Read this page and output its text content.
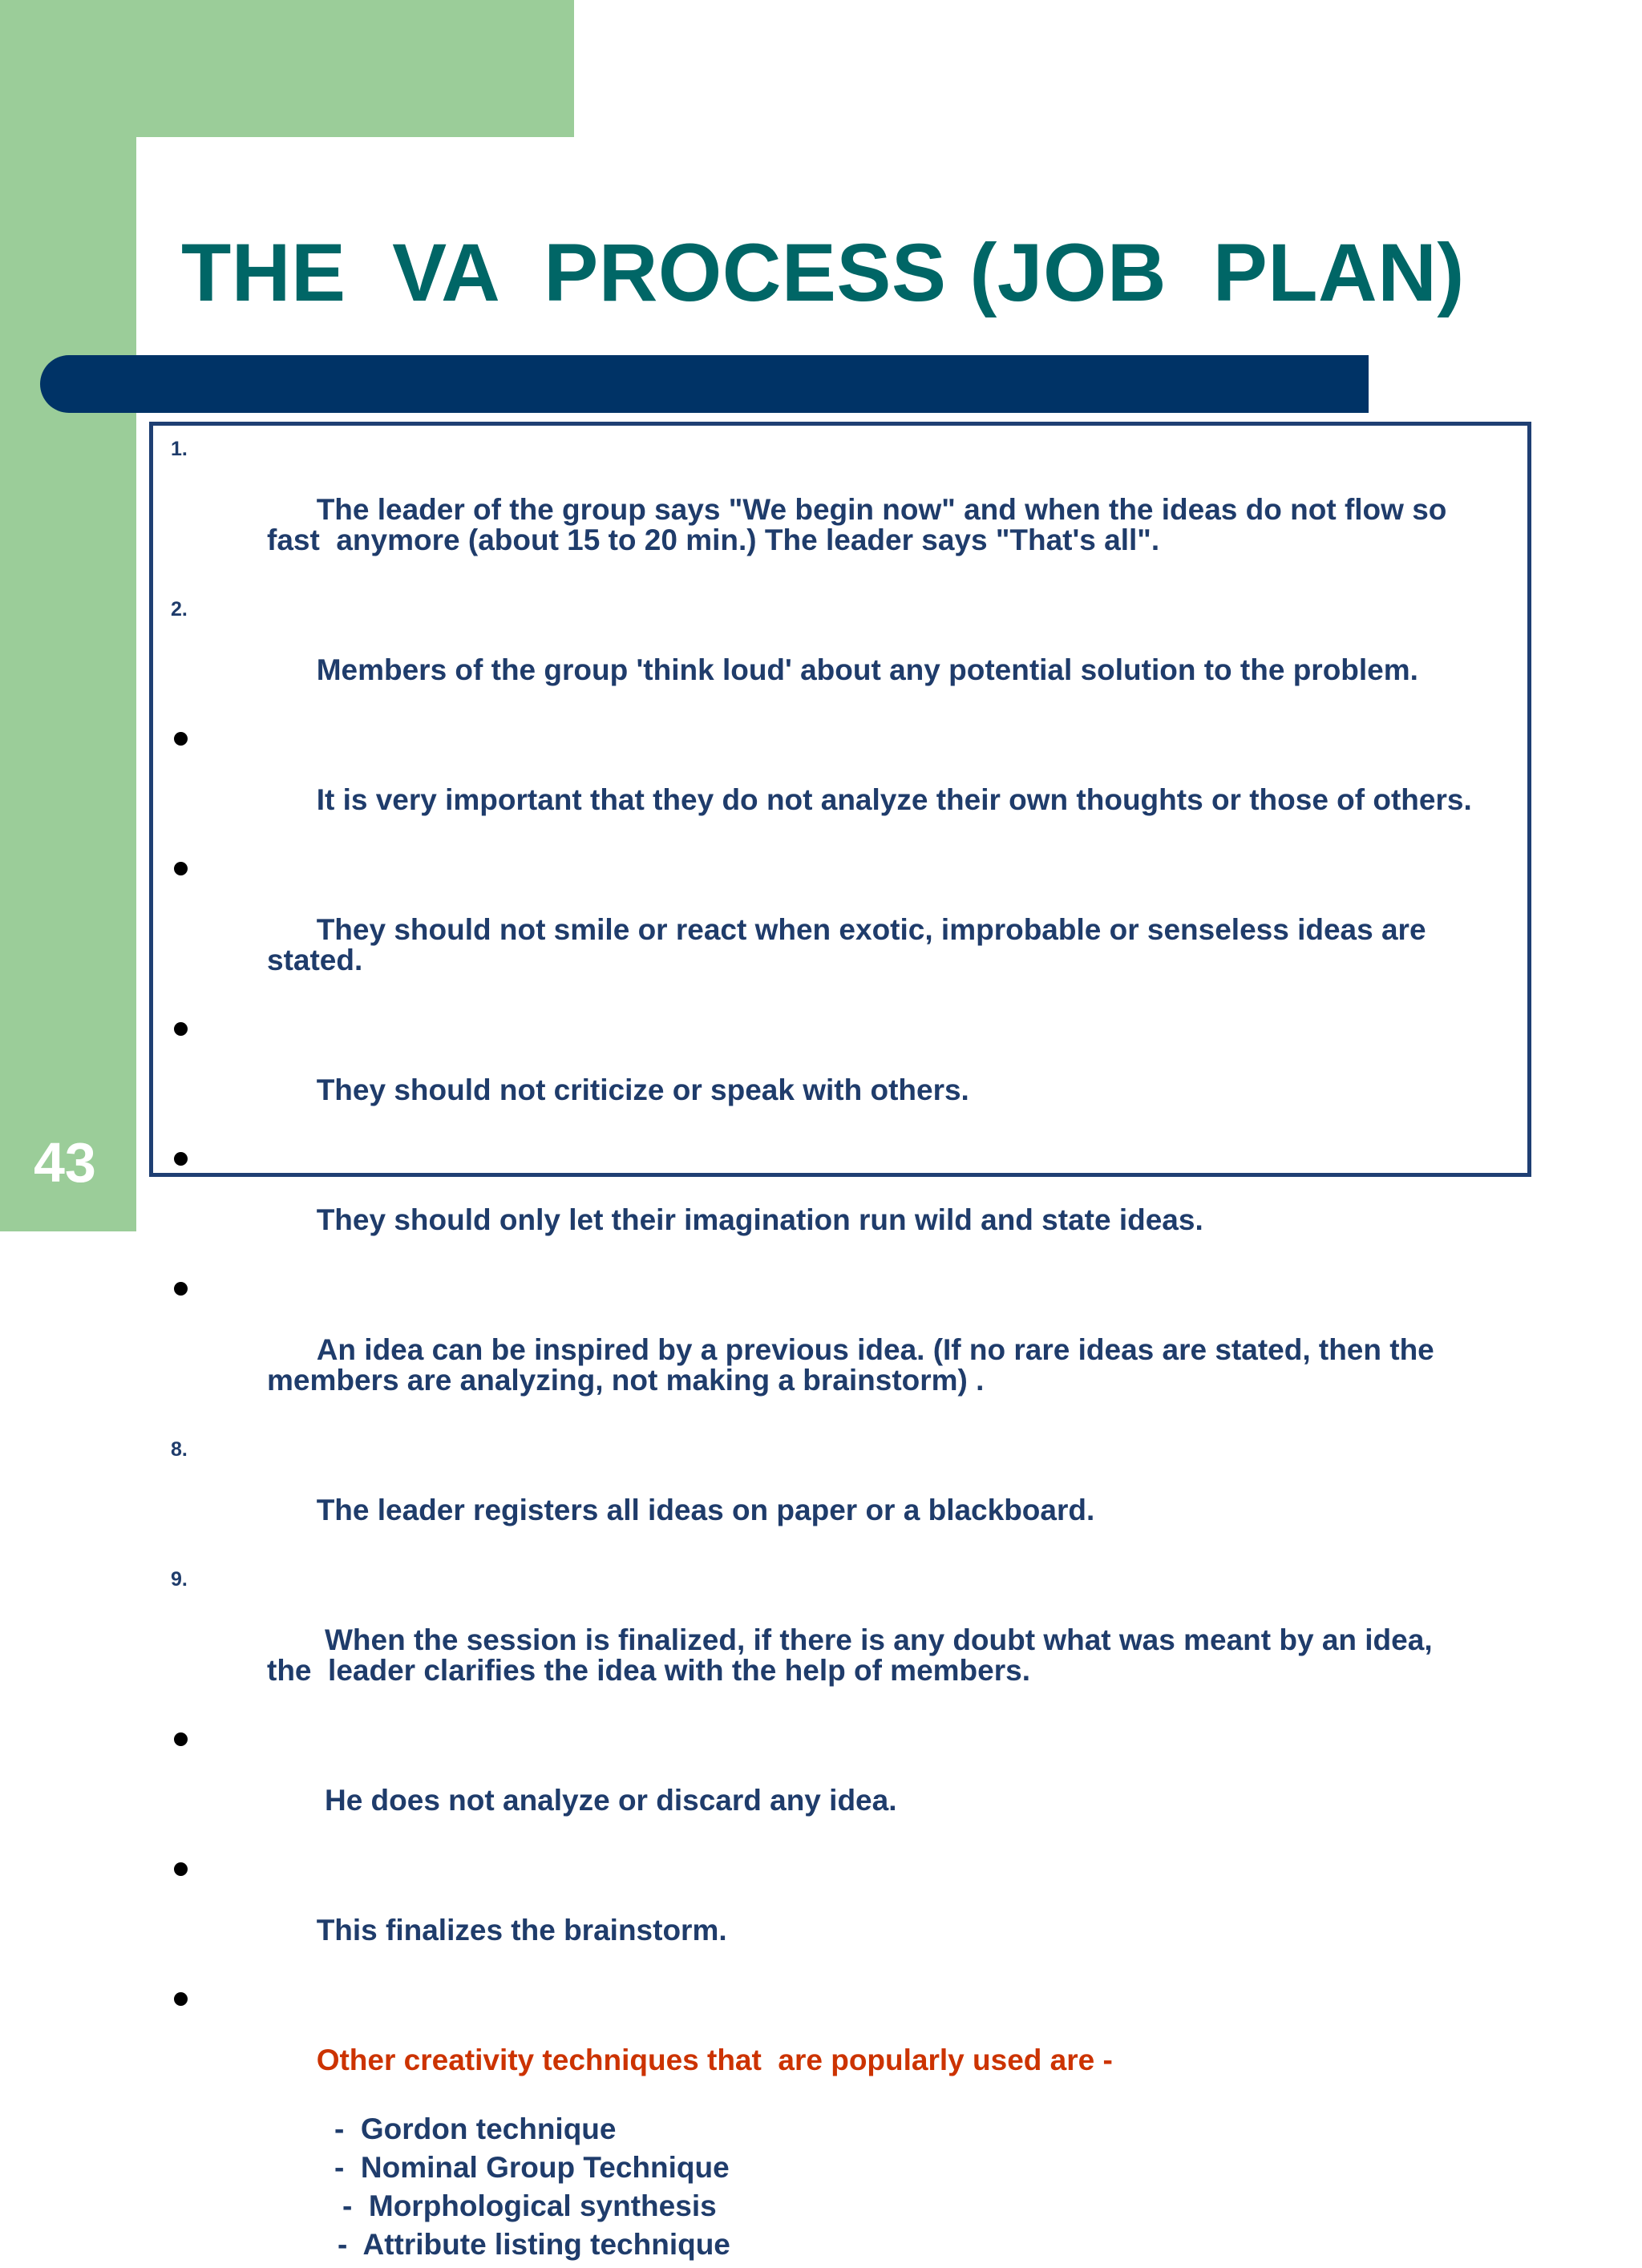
43
THE  VA  PROCESS (JOB  PLAN)

1.

The leader of the group says "We begin now" and when the ideas do not flow so
fast  anymore (about 15 to 20 min.) The leader says "That's all".

2.

Members of the group 'think loud' about any potential solution to the problem.

It is very important that they do not analyze their own thoughts or those of others.

They should not smile or react when exotic, improbable or senseless ideas are
stated.

They should not criticize or speak with others.

They should only let their imagination run wild and state ideas.

An idea can be inspired by a previous idea. (If no rare ideas are stated, then the
members are analyzing, not making a brainstorm) .

8.

The leader registers all ideas on paper or a blackboard.

9.

When the session is finalized, if there is any doubt what was meant by an idea,
the  leader clarifies the idea with the help of members.

He does not analyze or discard any idea.

This finalizes the brainstorm.

Other creativity techniques that  are popularly used are -

-  Gordon technique
-  Nominal Group Technique
-  Morphological synthesis
-  Attribute listing technique
